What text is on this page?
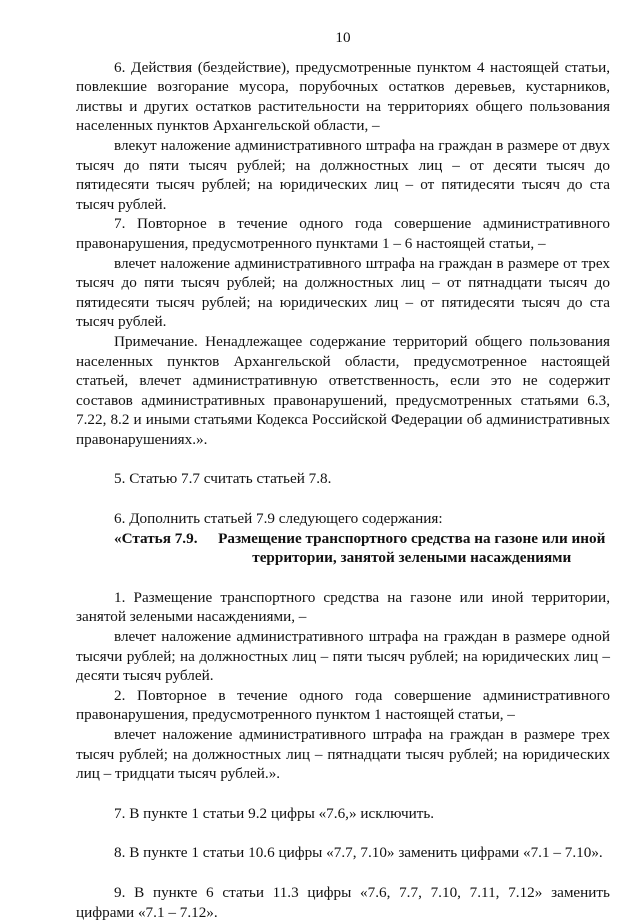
10

6. Действия (бездействие), предусмотренные пунктом 4 настоящей статьи, повлекшие возгорание мусора, порубочных остатков деревьев, кустарников, листвы и других остатков растительности на территориях общего пользования населенных пунктов Архангельской области, –

влекут наложение административного штрафа на граждан в размере от двух тысяч до пяти тысяч рублей; на должностных лиц – от десяти тысяч до пятидесяти тысяч рублей; на юридических лиц – от пятидесяти тысяч до ста тысяч рублей.

7. Повторное в течение одного года совершение административного правонарушения, предусмотренного пунктами 1 – 6 настоящей статьи, –

влечет наложение административного штрафа на граждан в размере от трех тысяч до пяти тысяч рублей; на должностных лиц – от пятнадцати тысяч до пятидесяти тысяч рублей; на юридических лиц – от пятидесяти тысяч до ста тысяч рублей.

Примечание. Ненадлежащее содержание территорий общего пользования населенных пунктов Архангельской области, предусмотренное настоящей статьей, влечет административную ответственность, если это не содержит составов административных правонарушений, предусмотренных статьями 6.3, 7.22, 8.2 и иными статьями Кодекса Российской Федерации об административных правонарушениях.».

5. Статью 7.7 считать статьей 7.8.

6. Дополнить статьей 7.9 следующего содержания:

«Статья 7.9.	Размещение транспортного средства на газоне или иной территории, занятой зелеными насаждениями

1. Размещение транспортного средства на газоне или иной территории, занятой зелеными насаждениями, –

влечет наложение административного штрафа на граждан в размере одной тысячи рублей; на должностных лиц – пяти тысяч рублей; на юридических лиц – десяти тысяч рублей.

2. Повторное в течение одного года совершение административного правонарушения, предусмотренного пунктом 1 настоящей статьи, –

влечет наложение административного штрафа на граждан в размере трех тысяч рублей; на должностных лиц – пятнадцати тысяч рублей; на юридических лиц – тридцати тысяч рублей.».

7. В пункте 1 статьи 9.2 цифры «7.6,» исключить.

8. В пункте 1 статьи 10.6 цифры «7.7, 7.10» заменить цифрами «7.1 – 7.10».

9. В пункте 6 статьи 11.3 цифры «7.6, 7.7, 7.10, 7.11, 7.12» заменить цифрами «7.1 – 7.12».
